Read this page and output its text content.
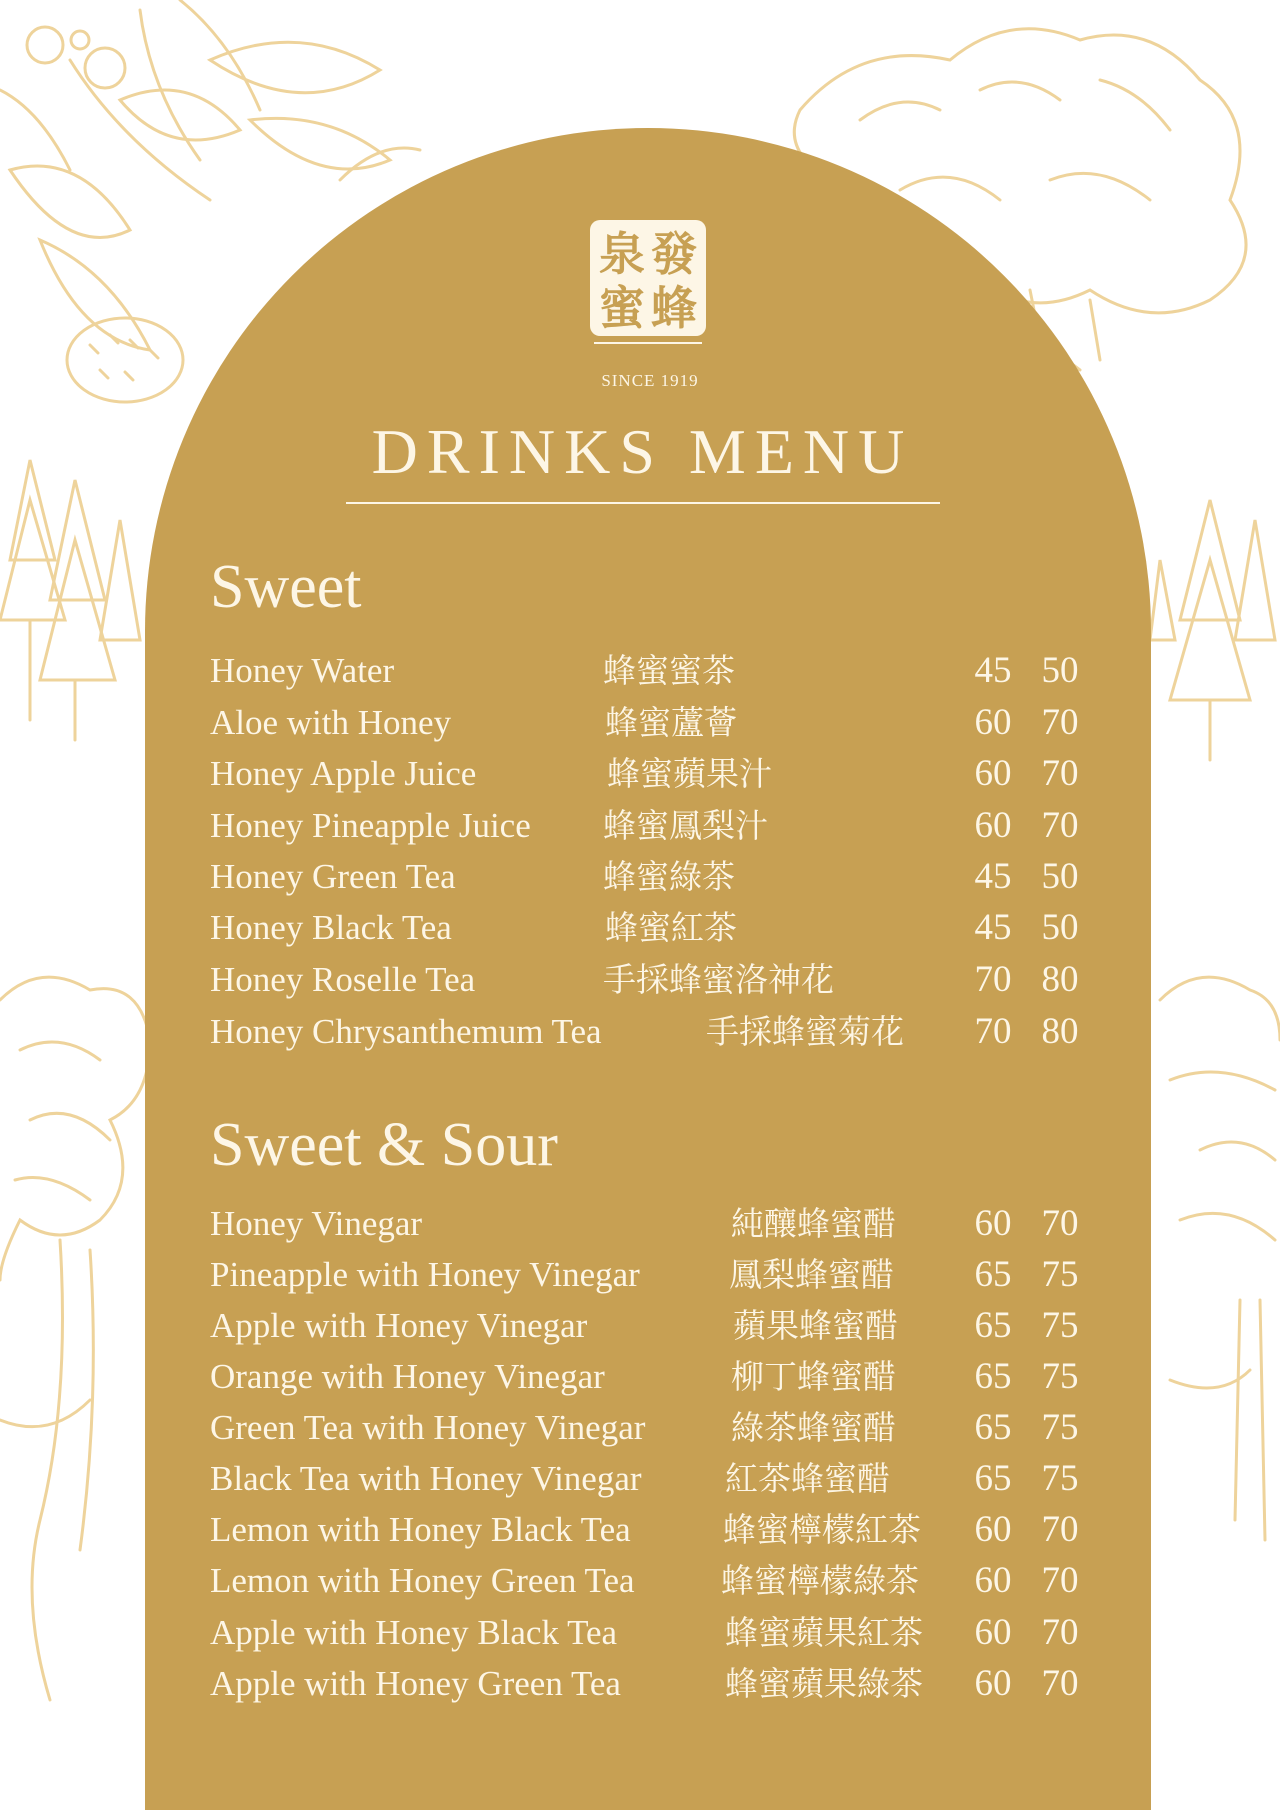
發泉蜂蜜
SINCE 1919
DRINKS MENU
Sweet
Honey Water	蜂蜜蜜茶	45 50
Aloe with Honey	蜂蜜蘆薈	60 70
Honey Apple Juice	蜂蜜蘋果汁	60 70
Honey Pineapple Juice 蜂蜜鳳梨汁	60 70
Honey Green Tea	蜂蜜綠茶	45 50
Honey Black Tea	蜂蜜紅茶	45 50
Honey Roselle Tea	手採蜂蜜洛神花	70 80
Honey Chrysanthemum Tea	手採蜂蜜菊花 70 80
Sweet & Sour
Honey Vinegar	純釀蜂蜜醋 60 70
Pineapple with Honey Vinegar	鳳梨蜂蜜醋 65 75
Apple with Honey Vinegar	蘋果蜂蜜醋 65 75
Orange with Honey Vinegar	柳丁蜂蜜醋 65 75
Green Tea with Honey Vinegar	綠茶蜂蜜醋 65 75
Black Tea with Honey Vinegar	紅茶蜂蜜醋 65 75
Lemon with Honey Black Tea	蜂蜜檸檬紅茶 60 70
Lemon with Honey Green Tea	蜂蜜檸檬綠茶 60 70
Apple with Honey Black Tea	蜂蜜蘋果紅茶 60 70
Apple with Honey Green Tea	蜂蜜蘋果綠茶 60 70
